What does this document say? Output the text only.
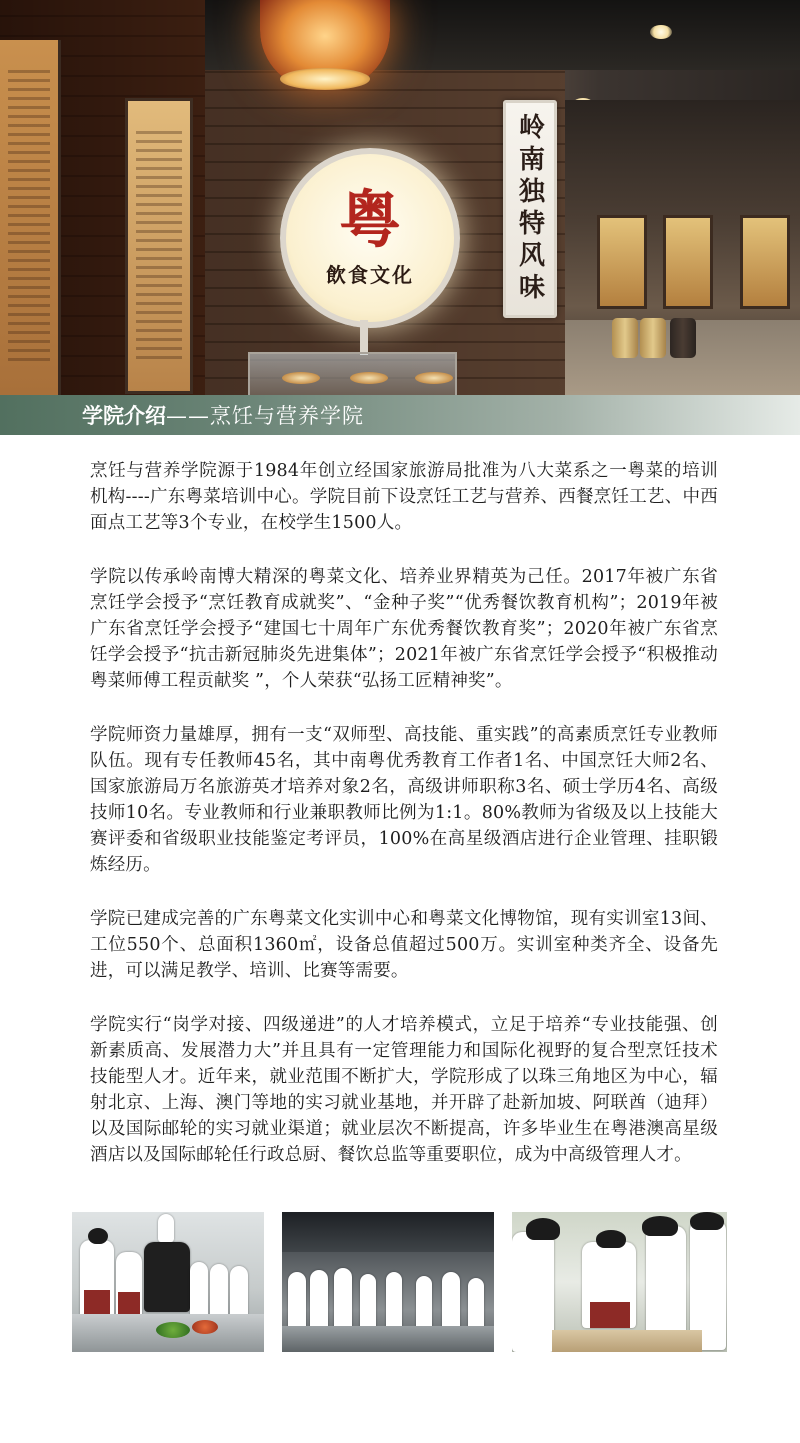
粤
飲食文化	岭南独特风味
学院介绍 ——烹饪与营养学院

烹饪与营养学院源于1984年创立经国家旅游局批准为八大菜系之一粤菜的培训机构----广东粤菜培训中心。学院目前下设烹饪工艺与营养、西餐烹饪工艺、中西面点工艺等3个专业，在校学生1500人。

学院以传承岭南博大精深的粤菜文化、培养业界精英为己任。2017年被广东省烹饪学会授予“烹饪教育成就奖”、“金种子奖”“优秀餐饮教育机构”；2019年被广东省烹饪学会授予“建国七十周年广东优秀餐饮教育奖”；2020年被广东省烹饪学会授予“抗击新冠肺炎先进集体”；2021年被广东省烹饪学会授予“积极推动粤菜师傅工程贡献奖 ”，个人荣获“弘扬工匠精神奖”。

学院师资力量雄厚，拥有一支“双师型、高技能、重实践”的高素质烹饪专业教师队伍。现有专任教师45名，其中南粤优秀教育工作者1名、中国烹饪大师2名、国家旅游局万名旅游英才培养对象2名，高级讲师职称3名、硕士学历4名、高级技师10名。专业教师和行业兼职教师比例为1:1。80%教师为省级及以上技能大赛评委和省级职业技能鉴定考评员，100%在高星级酒店进行企业管理、挂职锻炼经历。

学院已建成完善的广东粤菜文化实训中心和粤菜文化博物馆，现有实训室13间、工位550个、总面积1360㎡，设备总值超过500万。实训室种类齐全、设备先进，可以满足教学、培训、比赛等需要。

学院实行“岗学对接、四级递进”的人才培养模式，立足于培养“专业技能强、创新素质高、发展潜力大”并且具有一定管理能力和国际化视野的复合型烹饪技术技能型人才。近年来，就业范围不断扩大，学院形成了以珠三角地区为中心，辐射北京、上海、澳门等地的实习就业基地，并开辟了赴新加坡、阿联酋（迪拜）以及国际邮轮的实习就业渠道；就业层次不断提高，许多毕业生在粤港澳高星级酒店以及国际邮轮任行政总厨、餐饮总监等重要职位，成为中高级管理人才。
